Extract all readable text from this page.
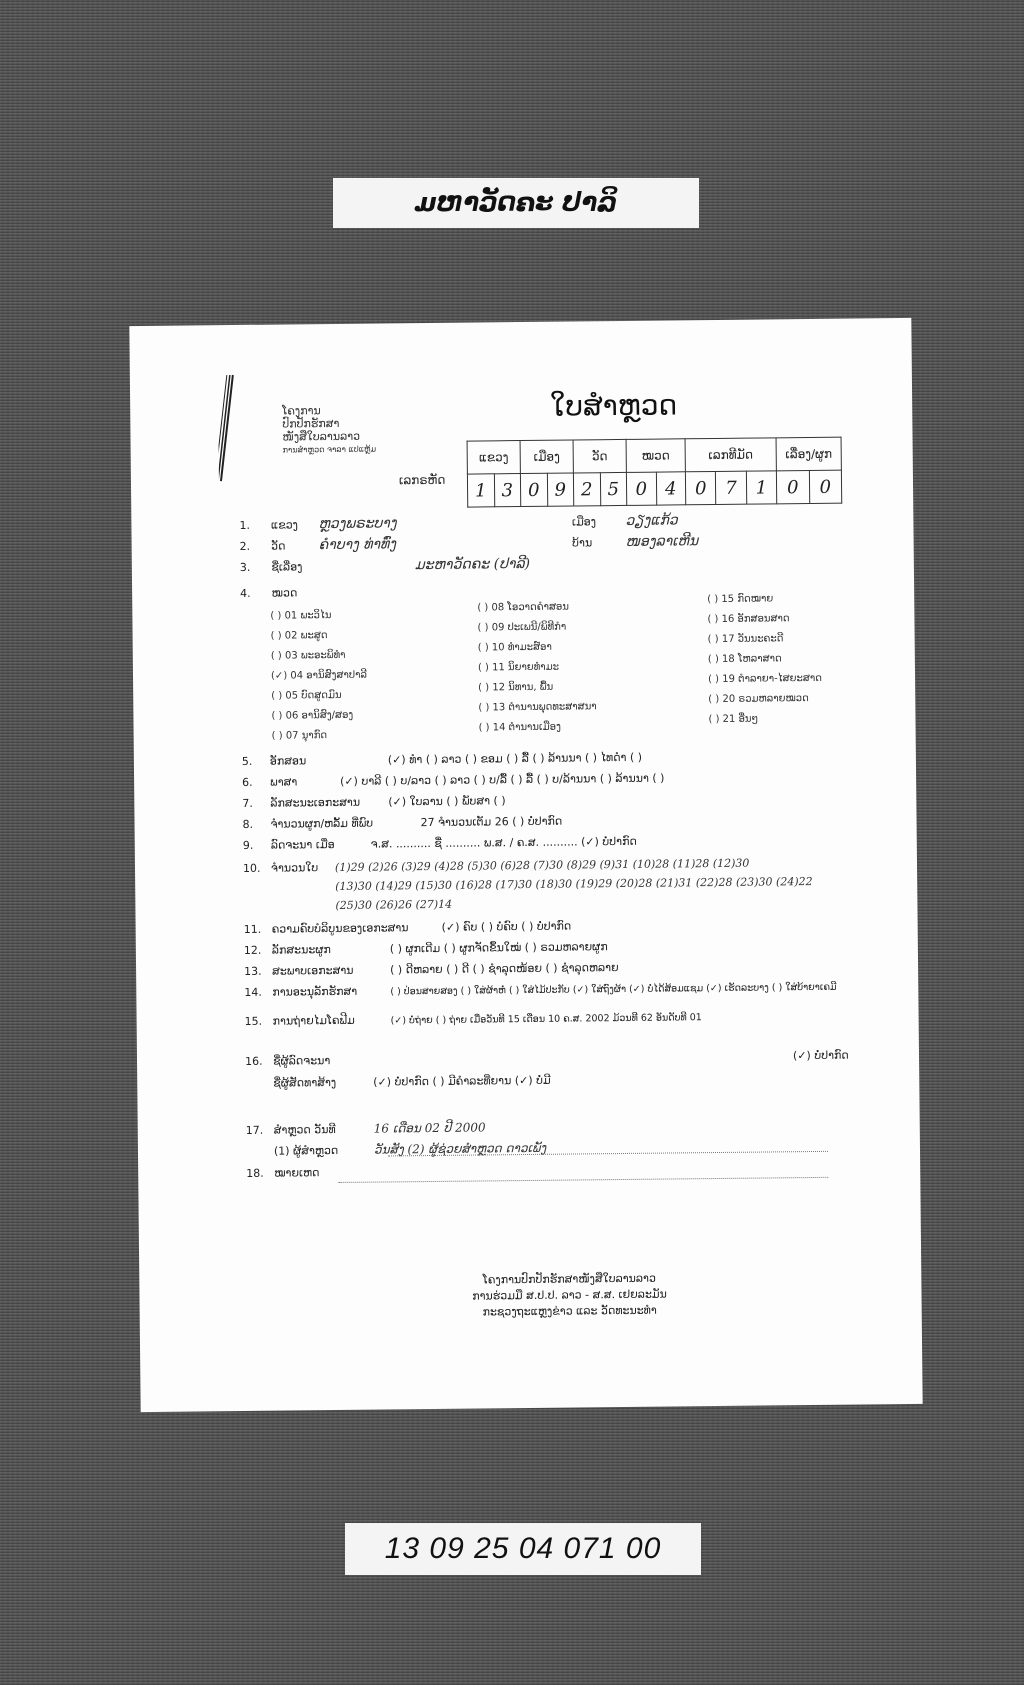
ມຫາວັດຄະ ປາລິ
ໂຄງການ
ປົກປັກຮັກສາ
ໜັງສືໃບລານລາວ
ການສຳຫຼວດ ຈາລາ ແປແຫຼ້ມ
ໃບສຳຫຼວດ
ເລກຣຫັດ
ແຂວງ		ເມືອງ		ວັດ		ໝວດ		ເລກທີມັດ			ເລື່ອງ/ຜູກ	
1	3	0	9	2	5	0	4	0	7	1	0	0
1. ແຂວງ ຫຼວງພຣະບາງ	ເມືອງ ວຽງແກ້ວ
2. ວັດ ຄຳບາງ ທ່າທົ່ງ	ບ້ານ ໜອງລາເຫີນ
3. ຊື່ເລື່ອງ	ມະຫາວັດຄະ (ປາລີ)
4. ໝວດ
( ) 01 ພະວິໄນ
( ) 02 ພະສູດ
( ) 03 ພະອະພິທຳ
(✓) 04 ອານິສົງສາປາລີ
( ) 05 ບົດສູດມົນ
( ) 06 ອານິສົງ/ສອງ
( ) 07 ນຸາກົດ
( ) 08 ໂອວາດຄຳສອນ
( ) 09 ປະເພນີ/ພິທີກຳ
( ) 10 ທຳມະສ໌ອາ
( ) 11 ນິຍາຍທຳມະ
( ) 12 ນິທານ, ພື້ນ
( ) 13 ຕຳນານພຸດທະສາສນາ
( ) 14 ຕຳນານເມືອງ
( ) 15 ກົດໝາຍ
( ) 16 ອັກສອນສາດ
( ) 17 ວັນນະຄະດີ
( ) 18 ໂຫລາສາດ
( ) 19 ຕຳລາຍາ-ໄສຍະສາດ
( ) 20 ຣວມຫລາຍໝວດ
( ) 21 ອື່ນໆ
5. ອັກສອນ	(✓) ທຳ ( ) ລາວ ( ) ຂອມ ( ) ລື້ ( ) ລ້ານນາ ( ) ໄທດຳ ( )
6. ພາສາ	(✓) ບາລີ ( ) ບ/ລາວ ( ) ລາວ ( ) ບ/ລື້ ( ) ລື້ ( ) ບ/ລ້ານນາ ( ) ລ້ານນາ ( )
7. ລັກສະນະເອກະສານ	(✓) ໃບລານ ( ) ພັບສາ ( )
8. ຈຳນວນຜູກ/ຫລັ້ມ ທີ່ພົບ	27 ຈຳນວນເຕັມ 26 ( ) ບໍ່ປາກົດ
9. ລົດຈະນາ ເມື່ອ	ຈ.ສ. .......... ຊື່ .......... ພ.ສ. / ຄ.ສ. .......... (✓) ບໍ່ປາກົດ
10. ຈຳນວນໃບ (1)29 (2)26 (3)29 (4)28 (5)30 (6)28 (7)30 (8)29 (9)31 (10)28 (11)28 (12)30
(13)30 (14)29 (15)30 (16)28 (17)30 (18)30 (19)29 (20)28 (21)31 (22)28 (23)30 (24)22
(25)30 (26)26 (27)14
11. ຄວາມຄົບບໍລິບູນຂອງເອກະສານ	(✓) ຄົບ ( ) ບໍ່ຄົບ ( ) ບໍ່ປາກົດ
12. ລັກສະນະຜູກ	( ) ຜູກເດີມ ( ) ຜູກຈັດຂຶ້ນໃໝ່ ( ) ຣວມຫລາຍຜູກ
13. ສະພາບເອກະສານ	( ) ດີຫລາຍ ( ) ດີ ( ) ຊຳລຸດໜ້ອຍ ( ) ຊຳລຸດຫລາຍ
14. ການອະນຸລັກຮັກສາ	( ) ປ່ອນສາຍສອງ ( ) ໃສ່ຜ້າຫໍ່ ( ) ໃສ່ໄມ້ປະກັບ (✓) ໃສ່ຖົງຜ້າ (✓) ບໍ່ໄດ້ສ້ອມແຊມ (✓) ເຮັດລະບາງ ( ) ໃສ່ບ້າຍາເຄມີ
15. ການຖ່າຍໄມໂຄຟີມ	(✓) ບໍ່ຖ່າຍ ( ) ຖ່າຍ ເມື່ອວັນທີ 15 ເດືອນ 10 ຄ.ສ. 2002 ມ້ວນທີ 62 ອັນດັບທີ 01
16. ຊື່ຜູ້ລົດຈະນາ	(✓) ບໍ່ປາກົດ
ຊື່ຜູ້ສັດທາສ້າງ	(✓) ບໍ່ປາກົດ ( ) ມີຄຳລະທີ່ຍານ (✓) ບໍ່ມີ
17. ສຳຫຼວດ ວັນທີ	16 ເດືອນ 02 ປີ 2000
(1) ຜູ້ສຳຫຼວດ	ວັນສັງ (2) ຜູ້ຊ່ວຍສຳຫຼວດ ດາວເພັງ
18. ໝາຍເຫດ
ໂຄງການປົກປັກຮັກສາໜັງສືໃບລານລາວ
ການຮ່ວມມື ສ.ປ.ປ. ລາວ - ສ.ສ. ເຢຍລະມັນ
ກະຊວງຖະແຫຼງຂ່າວ ແລະ ວັດທະນະທຳ
13 09 25 04 071 00
